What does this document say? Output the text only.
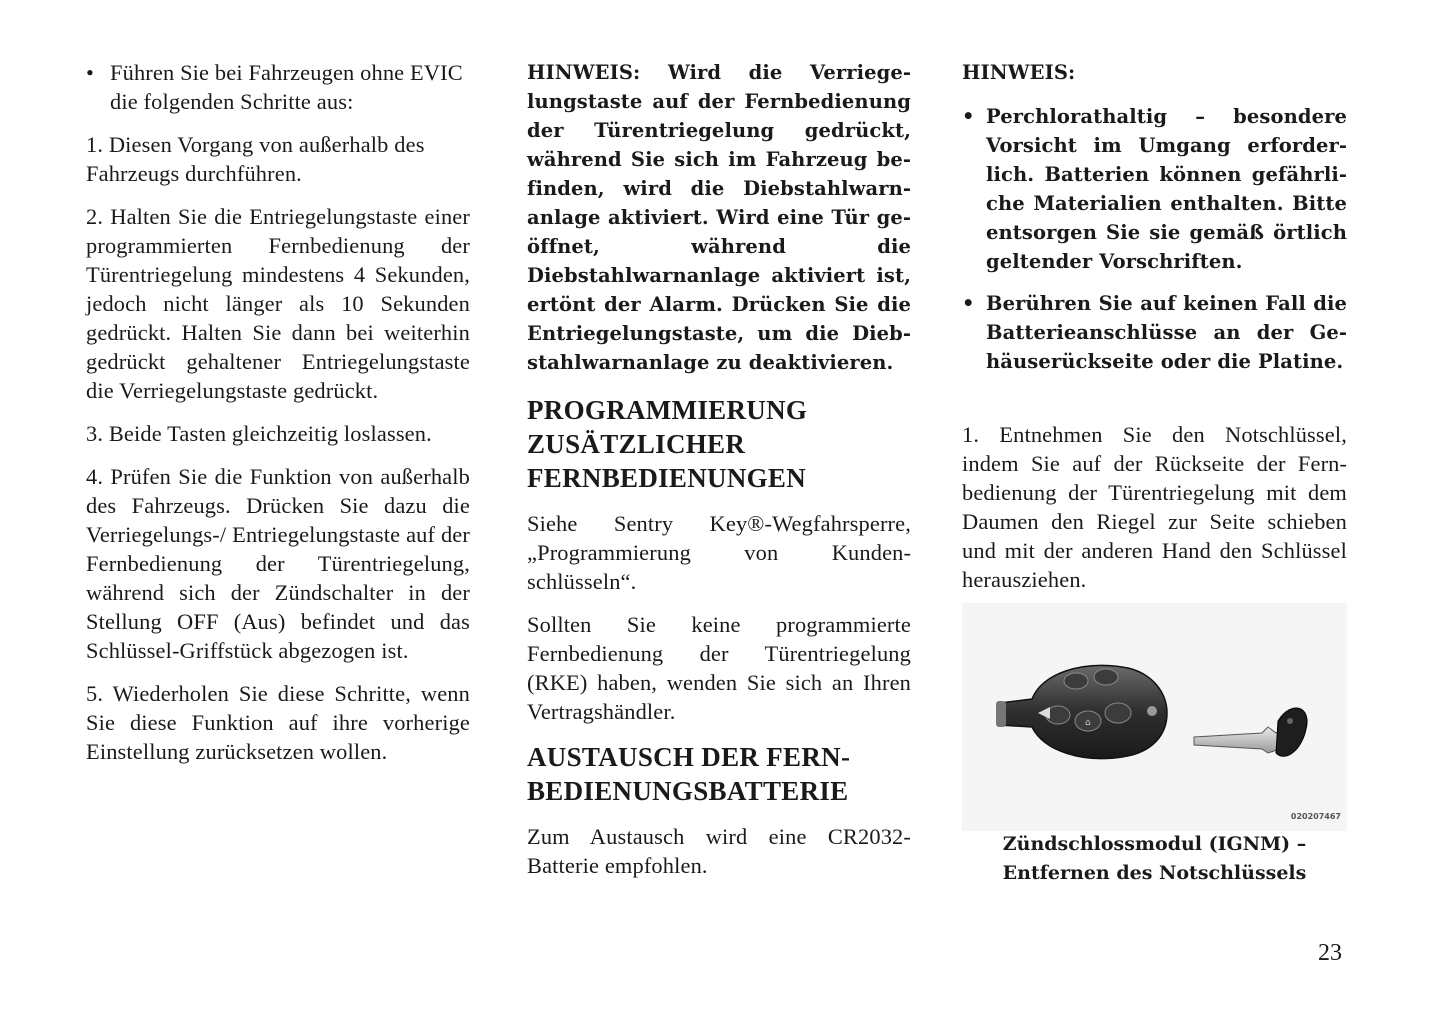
• Führen Sie bei Fahrzeugen ohne EVIC die folgenden Schritte aus:

1. Diesen Vorgang von außerhalb des Fahrzeugs durchführen.

2. Halten Sie die Entriegelungstaste einer programmierten Fernbedienung der Türentriegelung mindestens 4 Sekunden, jedoch nicht länger als 10 Sekunden gedrückt. Halten Sie dann bei weiterhin gedrückt gehaltener Entriegelungstaste die Verriegelungstaste gedrückt.

3. Beide Tasten gleichzeitig loslassen.

4. Prüfen Sie die Funktion von außerhalb des Fahrzeugs. Drücken Sie dazu die Verriegelungs-/ Entriegelungstaste auf der Fernbedienung der Türentriegelung, während sich der Zündschalter in der Stellung OFF (Aus) befindet und das Schlüssel-Griffstück abgezogen ist.

5. Wiederholen Sie diese Schritte, wenn Sie diese Funktion auf ihre vorherige Einstellung zurücksetzen wollen.

HINWEIS: Wird die Verriegelungstaste auf der Fernbedienung der Türentriegelung gedrückt, während Sie sich im Fahrzeug befinden, wird die Diebstahlwarnanlage aktiviert. Wird eine Tür geöffnet, während die Diebstahlwarnanlage aktiviert ist, ertönt der Alarm. Drücken Sie die Entriegelungstaste, um die Diebstahlwarnanlage zu deaktivieren.

PROGRAMMIERUNG ZUSÄTZLICHER FERNBEDIENUNGEN

Siehe Sentry Key®-Wegfahrsperre, „Programmierung von Kundenschlüsseln“.

Sollten Sie keine programmierte Fernbedienung der Türentriegelung (RKE) haben, wenden Sie sich an Ihren Vertragshändler.

AUSTAUSCH DER FERNBEDIENUNGSBATTERIE

Zum Austausch wird eine CR2032-Batterie empfohlen.

HINWEIS:

• Perchlorathaltig – besondere Vorsicht im Umgang erforderlich. Batterien können gefährliche Materialien enthalten. Bitte entsorgen Sie sie gemäß örtlich geltender Vorschriften.
• Berühren Sie auf keinen Fall die Batterieanschlüsse an der Gehäuserückseite oder die Platine.

1. Entnehmen Sie den Notschlüssel, indem Sie auf der Rückseite der Fernbedienung der Türentriegelung mit dem Daumen den Riegel zur Seite schieben und mit der anderen Hand den Schlüssel herausziehen.

⌂
020207467
Zündschlossmodul (IGNM) –
Entfernen des Notschlüssels
23
